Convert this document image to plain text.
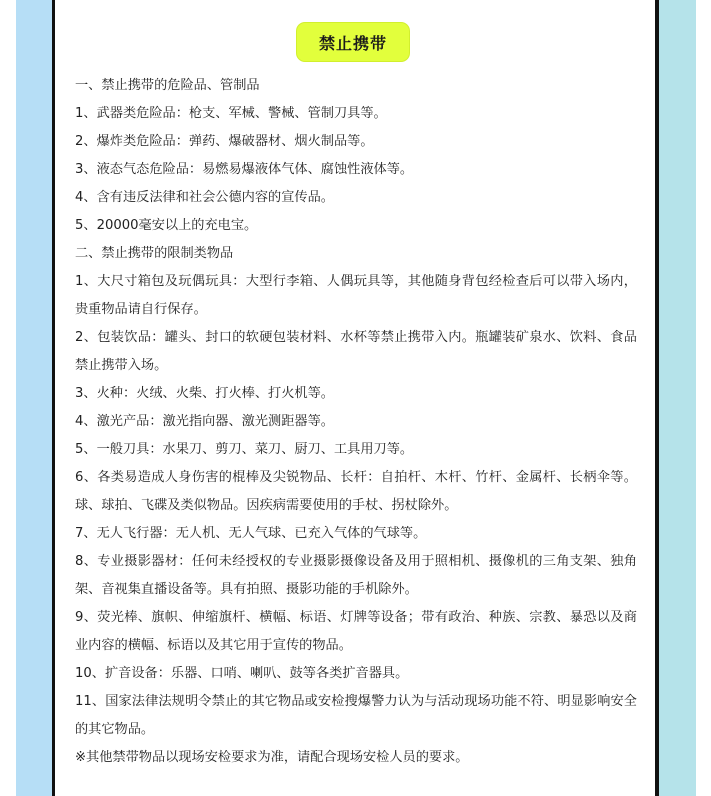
禁止携带

一、禁止携带的危险品、管制品

1、武器类危险品：枪支、军械、警械、管制刀具等。

2、爆炸类危险品：弹药、爆破器材、烟火制品等。

3、液态气态危险品：易燃易爆液体气体、腐蚀性液体等。

4、含有违反法律和社会公德内容的宣传品。

5、20000毫安以上的充电宝。

二、禁止携带的限制类物品

1、大尺寸箱包及玩偶玩具：大型行李箱、人偶玩具等，其他随身背包经检查后可以带入场内，贵重物品请自行保存。

2、包装饮品：罐头、封口的软硬包装材料、水杯等禁止携带入内。瓶罐装矿泉水、饮料、食品禁止携带入场。

3、火种：火绒、火柴、打火棒、打火机等。

4、激光产品：激光指向器、激光测距器等。

5、一般刀具：水果刀、剪刀、菜刀、厨刀、工具用刀等。

6、各类易造成人身伤害的棍棒及尖锐物品、长杆：自拍杆、木杆、竹杆、金属杆、长柄伞等。球、球拍、飞碟及类似物品。因疾病需要使用的手杖、拐杖除外。

7、无人飞行器：无人机、无人气球、已充入气体的气球等。

8、专业摄影器材：任何未经授权的专业摄影摄像设备及用于照相机、摄像机的三角支架、独角架、音视集直播设备等。具有拍照、摄影功能的手机除外。

9、荧光棒、旗帜、伸缩旗杆、横幅、标语、灯牌等设备；带有政治、种族、宗教、暴恐以及商业内容的横幅、标语以及其它用于宣传的物品。

10、扩音设备：乐器、口哨、喇叭、鼓等各类扩音器具。

11、国家法律法规明令禁止的其它物品或安检搜爆警力认为与活动现场功能不符、明显影响安全的其它物品。

※其他禁带物品以现场安检要求为准，请配合现场安检人员的要求。
